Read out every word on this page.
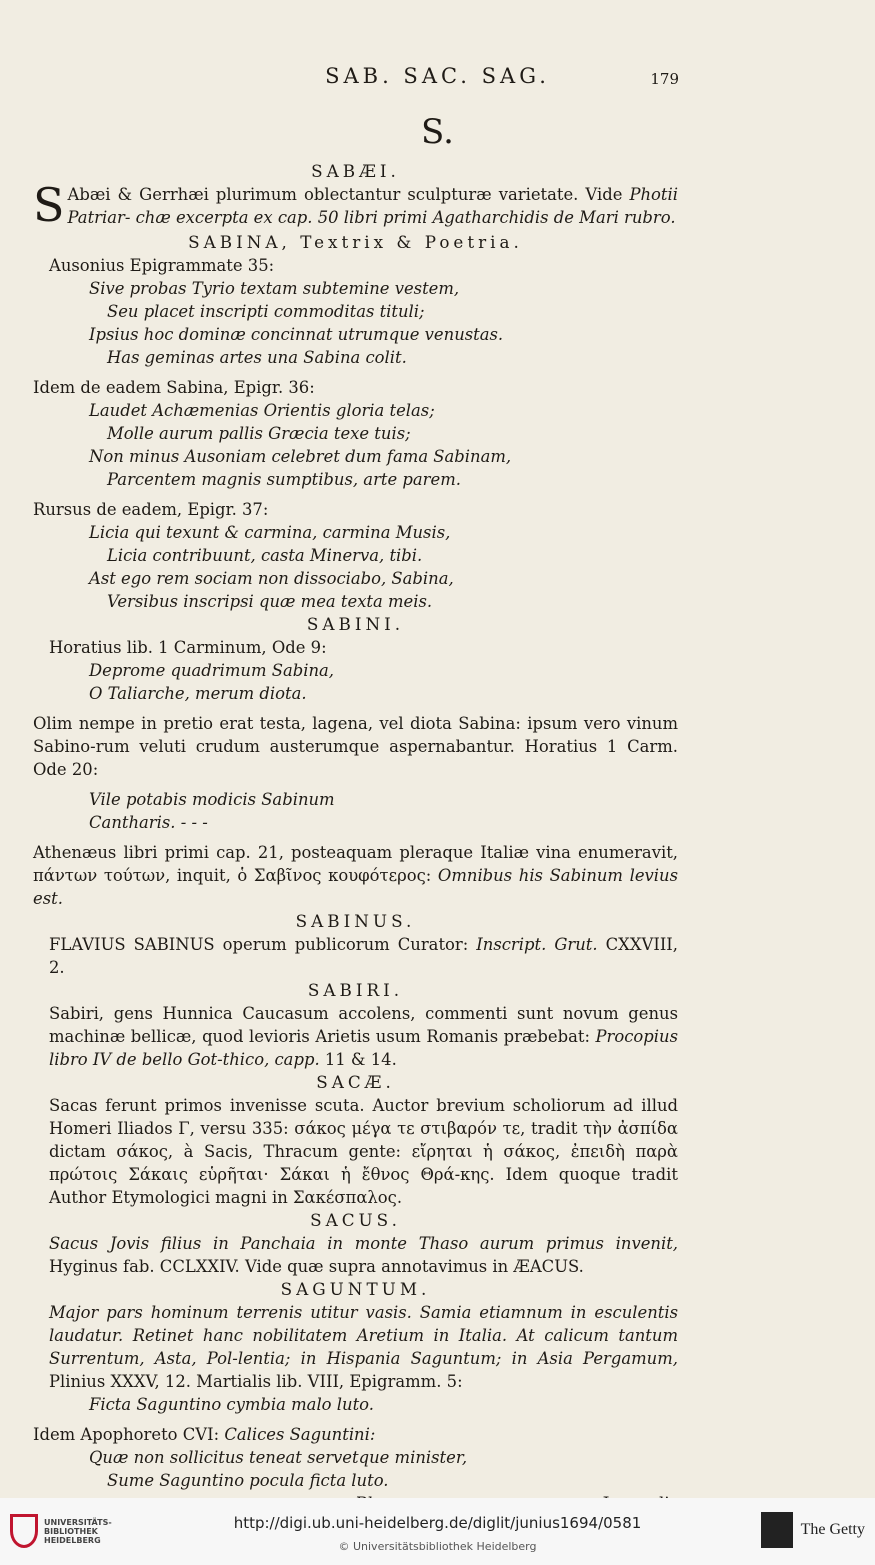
SAB. SAC. SAG.	179
S.
SABÆI.

S Abæi & Gerrhæi plurimum oblectantur sculpturæ varietate. Vide Photii Patriar- chæ excerpta ex cap. 50 libri primi Agatharchidis de Mari rubro.

SABINA, Textrix & Poetria.

Ausonius Epigrammate 35:

Sive probas Tyrio textam subtemine vestem,
Seu placet inscripti commoditas tituli;
Ipsius hoc dominæ concinnat utrumque venustas.
Has geminas artes una Sabina colit.

Idem de eadem Sabina, Epigr. 36:

Laudet Achæmenias Orientis gloria telas;
Molle aurum pallis Græcia texe tuis;
Non minus Ausoniam celebret dum fama Sabinam,
Parcentem magnis sumptibus, arte parem.

Rursus de eadem, Epigr. 37:

Licia qui texunt & carmina, carmina Musis,
Licia contribuunt, casta Minerva, tibi.
Ast ego rem sociam non dissociabo, Sabina,
Versibus inscripsi quæ mea texta meis.
SABINI.

Horatius lib. 1 Carminum, Ode 9:

Deprome quadrimum Sabina,
O Taliarche, merum diota.

Olim nempe in pretio erat testa, lagena, vel diota Sabina: ipsum vero vinum Sabino-rum veluti crudum austerumque aspernabantur. Horatius 1 Carm. Ode 20:

Vile potabis modicis Sabinum
Cantharis. - - -

Athenæus libri primi cap. 21, posteaquam pleraque Italiæ vina enumeravit, πάντων τούτων, inquit, ὁ Σαβῖνος κουφότερος: Omnibus his Sabinum levius est.

SABINUS.

FLAVIUS SABINUS operum publicorum Curator: Inscript. Grut. CXXVIII, 2.

SABIRI.

Sabiri, gens Hunnica Caucasum accolens, commenti sunt novum genus machinæ bellicæ, quod levioris Arietis usum Romanis præbebat: Procopius libro IV de bello Got-thico, capp. 11 & 14.

SACÆ.

Sacas ferunt primos invenisse scuta. Auctor brevium scholiorum ad illud Homeri Iliados Γ, versu 335: σάκος μέγα τε στιβαρόν τε, tradit τὴν ἀσπίδα dictam σάκος, à Sacis, Thracum gente: εἴρηται ἡ σάκος, ἐπειδὴ παρὰ πρώτοις Σάκαις εὑρῆται· Σάκαι ἡ ἔθνος Θρά-κης. Idem quoque tradit Author Etymologici magni in Σακέσπαλος.

SACUS.

Sacus Jovis filius in Panchaia in monte Thaso aurum primus invenit, Hyginus fab. CCLXXIV. Vide quæ supra annotavimus in ÆACUS.

SAGUNTUM.

Major pars hominum terrenis utitur vasis. Samia etiamnum in esculentis laudatur. Retinet hanc nobilitatem Aretium in Italia. At calicum tantum Surrentum, Asta, Pol-lentia; in Hispania Saguntum; in Asia Pergamum, Plinius XXXV, 12. Martialis lib. VIII, Epigramm. 5:

Ficta Saguntino cymbia malo luto.

Idem Apophoreto CVI: Calices Saguntini:

Quæ non sollicitus teneat servetque minister,
Sume Saguntino pocula ficta luto.
UNIVERSITÄTS-BIBLIOTHEK HEIDELBERG
http://digi.ub.uni-heidelberg.de/diglit/junius1694/0581
© Universitätsbibliothek Heidelberg
The Getty
